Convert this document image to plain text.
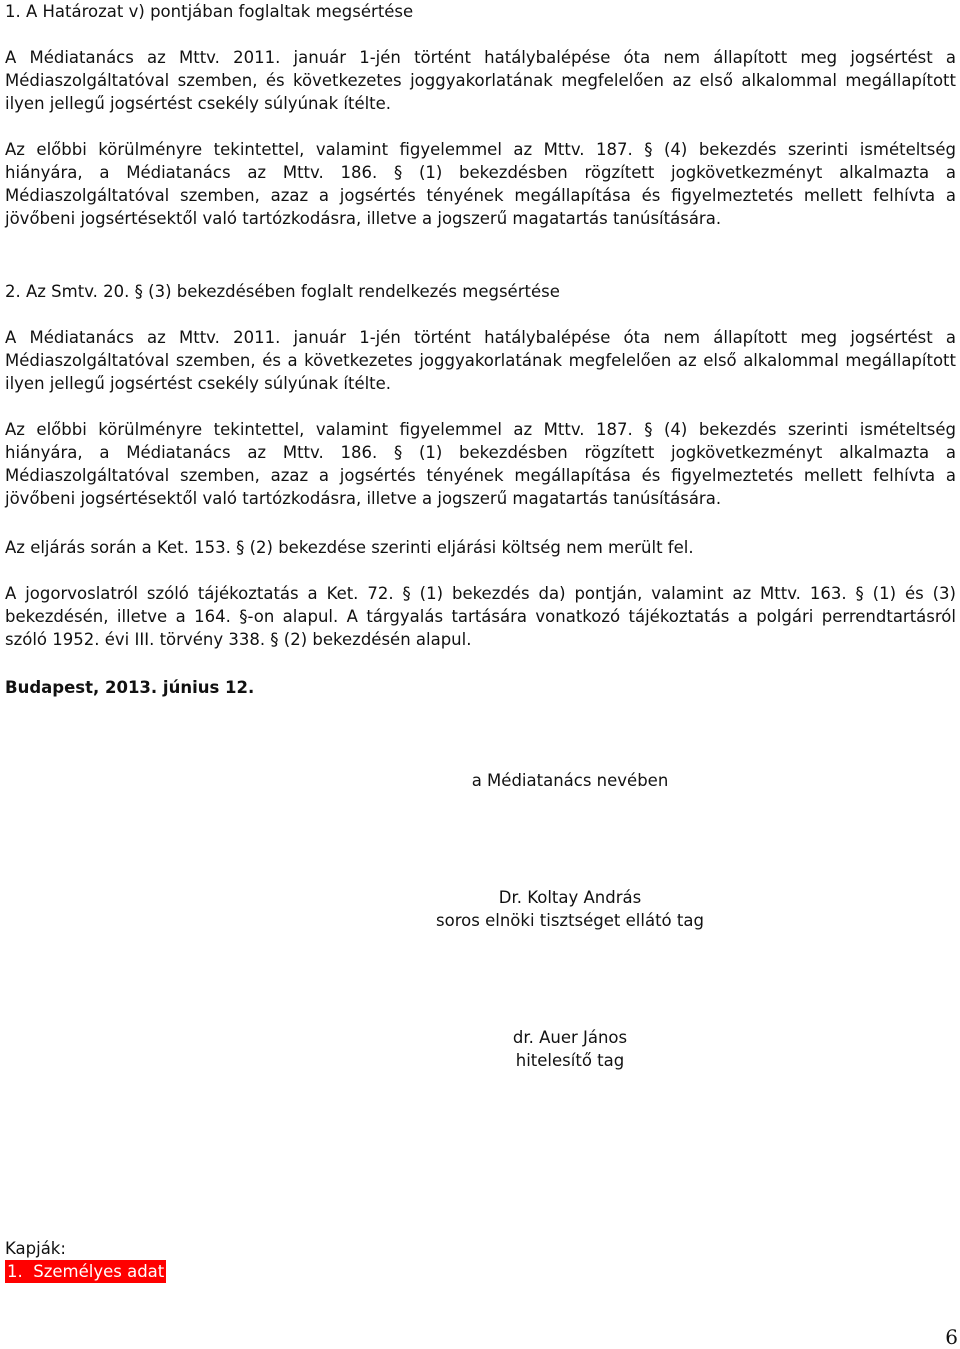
1. A Határozat v) pontjában foglaltak megsértése

A Médiatanács az Mttv. 2011. január 1-jén történt hatálybalépése óta nem állapított meg jogsértést a Médiaszolgáltatóval szemben, és következetes joggyakorlatának megfelelően az első alkalommal megállapított ilyen jellegű jogsértést csekély súlyúnak ítélte.

Az előbbi körülményre tekintettel, valamint figyelemmel az Mttv. 187. § (4) bekezdés szerinti ismételtség hiányára, a Médiatanács az Mttv. 186. § (1) bekezdésben rögzített jogkövetkezményt alkalmazta a Médiaszolgáltatóval szemben, azaz a jogsértés tényének megállapítása és figyelmeztetés mellett felhívta a jövőbeni jogsértésektől való tartózkodásra, illetve a jogszerű magatartás tanúsítására.

2. Az Smtv. 20. § (3) bekezdésében foglalt rendelkezés megsértése

A Médiatanács az Mttv. 2011. január 1-jén történt hatálybalépése óta nem állapított meg jogsértést a Médiaszolgáltatóval szemben, és a következetes joggyakorlatának megfelelően az első alkalommal megállapított ilyen jellegű jogsértést csekély súlyúnak ítélte.

Az előbbi körülményre tekintettel, valamint figyelemmel az Mttv. 187. § (4) bekezdés szerinti ismételtség hiányára, a Médiatanács az Mttv. 186. § (1) bekezdésben rögzített jogkövetkezményt alkalmazta a Médiaszolgáltatóval szemben, azaz a jogsértés tényének megállapítása és figyelmeztetés mellett felhívta a jövőbeni jogsértésektől való tartózkodásra, illetve a jogszerű magatartás tanúsítására.

Az eljárás során a Ket. 153. § (2) bekezdése szerinti eljárási költség nem merült fel.

A jogorvoslatról szóló tájékoztatás a Ket. 72. § (1) bekezdés da) pontján, valamint az Mttv. 163. § (1) és (3) bekezdésén, illetve a 164. §-on alapul. A tárgyalás tartására vonatkozó tájékoztatás a polgári perrendtartásról szóló 1952. évi III. törvény 338. § (2) bekezdésén alapul.

Budapest, 2013. június 12.

a Médiatanács nevében
Dr. Koltay András
soros elnöki tisztséget ellátó tag
dr. Auer János
hitelesítő tag
Kapják:
1.  Személyes adat
6
